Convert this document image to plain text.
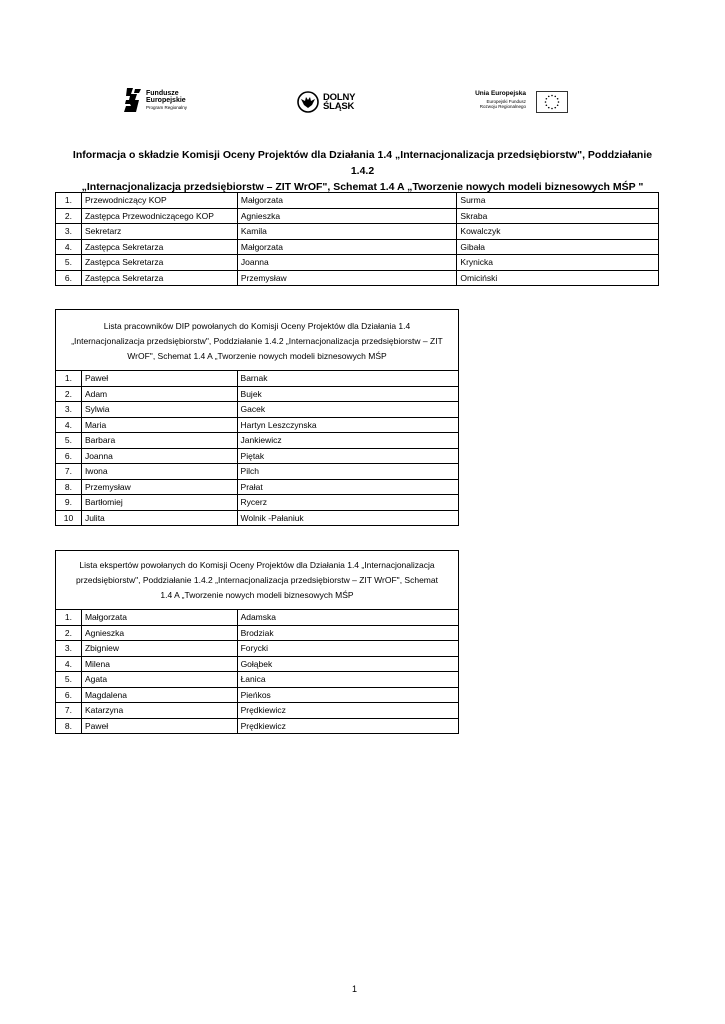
Fundusze
Europejskie
Program Regionalny
DOLNY
ŚLĄSK
Unia Europejska
Europejski Fundusz
Rozwoju Regionalnego
Informacja o składzie Komisji Oceny Projektów dla Działania 1.4 „Internacjonalizacja przedsiębiorstw", Poddziałanie 1.4.2
„Internacjonalizacja przedsiębiorstw – ZIT WrOF", Schemat 1.4 A „Tworzenie nowych modeli biznesowych MŚP "
1.	Przewodniczący KOP	Małgorzata	Surma
2.	Zastępca Przewodniczącego KOP	Agnieszka	Skraba
3.	Sekretarz	Kamila	Kowalczyk
4.	Zastępca Sekretarza	Małgorzata	Gibała
5.	Zastępca Sekretarza	Joanna	Krynicka
6.	Zastępca Sekretarza	Przemysław	Omiciński
Lista pracowników DIP powołanych do Komisji Oceny Projektów dla Działania 1.4
„Internacjonalizacja przedsiębiorstw", Poddziałanie 1.4.2 „Internacjonalizacja przedsiębiorstw – ZIT
WrOF", Schemat 1.4 A „Tworzenie nowych modeli biznesowych MŚP
1.	Paweł	Barnak
2.	Adam	Bujek
3.	Sylwia	Gacek
4.	Maria	Hartyn Leszczynska
5.	Barbara	Jankiewicz
6.	Joanna	Piętak
7.	Iwona	Pilch
8.	Przemysław	Prałat
9.	Bartłomiej	Rycerz
10	Julita	Wolnik -Pałaniuk
Lista ekspertów powołanych do Komisji Oceny Projektów dla Działania 1.4 „Internacjonalizacja
przedsiębiorstw", Poddziałanie 1.4.2 „Internacjonalizacja przedsiębiorstw – ZIT WrOF", Schemat
1.4 A „Tworzenie nowych modeli biznesowych MŚP
1.	Małgorzata	Adamska
2.	Agnieszka	Brodziak
3.	Zbigniew	Forycki
4.	Milena	Gołąbek
5.	Agata	Łanica
6.	Magdalena	Pieńkos
7.	Katarzyna	Prędkiewicz
8.	Paweł	Prędkiewicz
1
